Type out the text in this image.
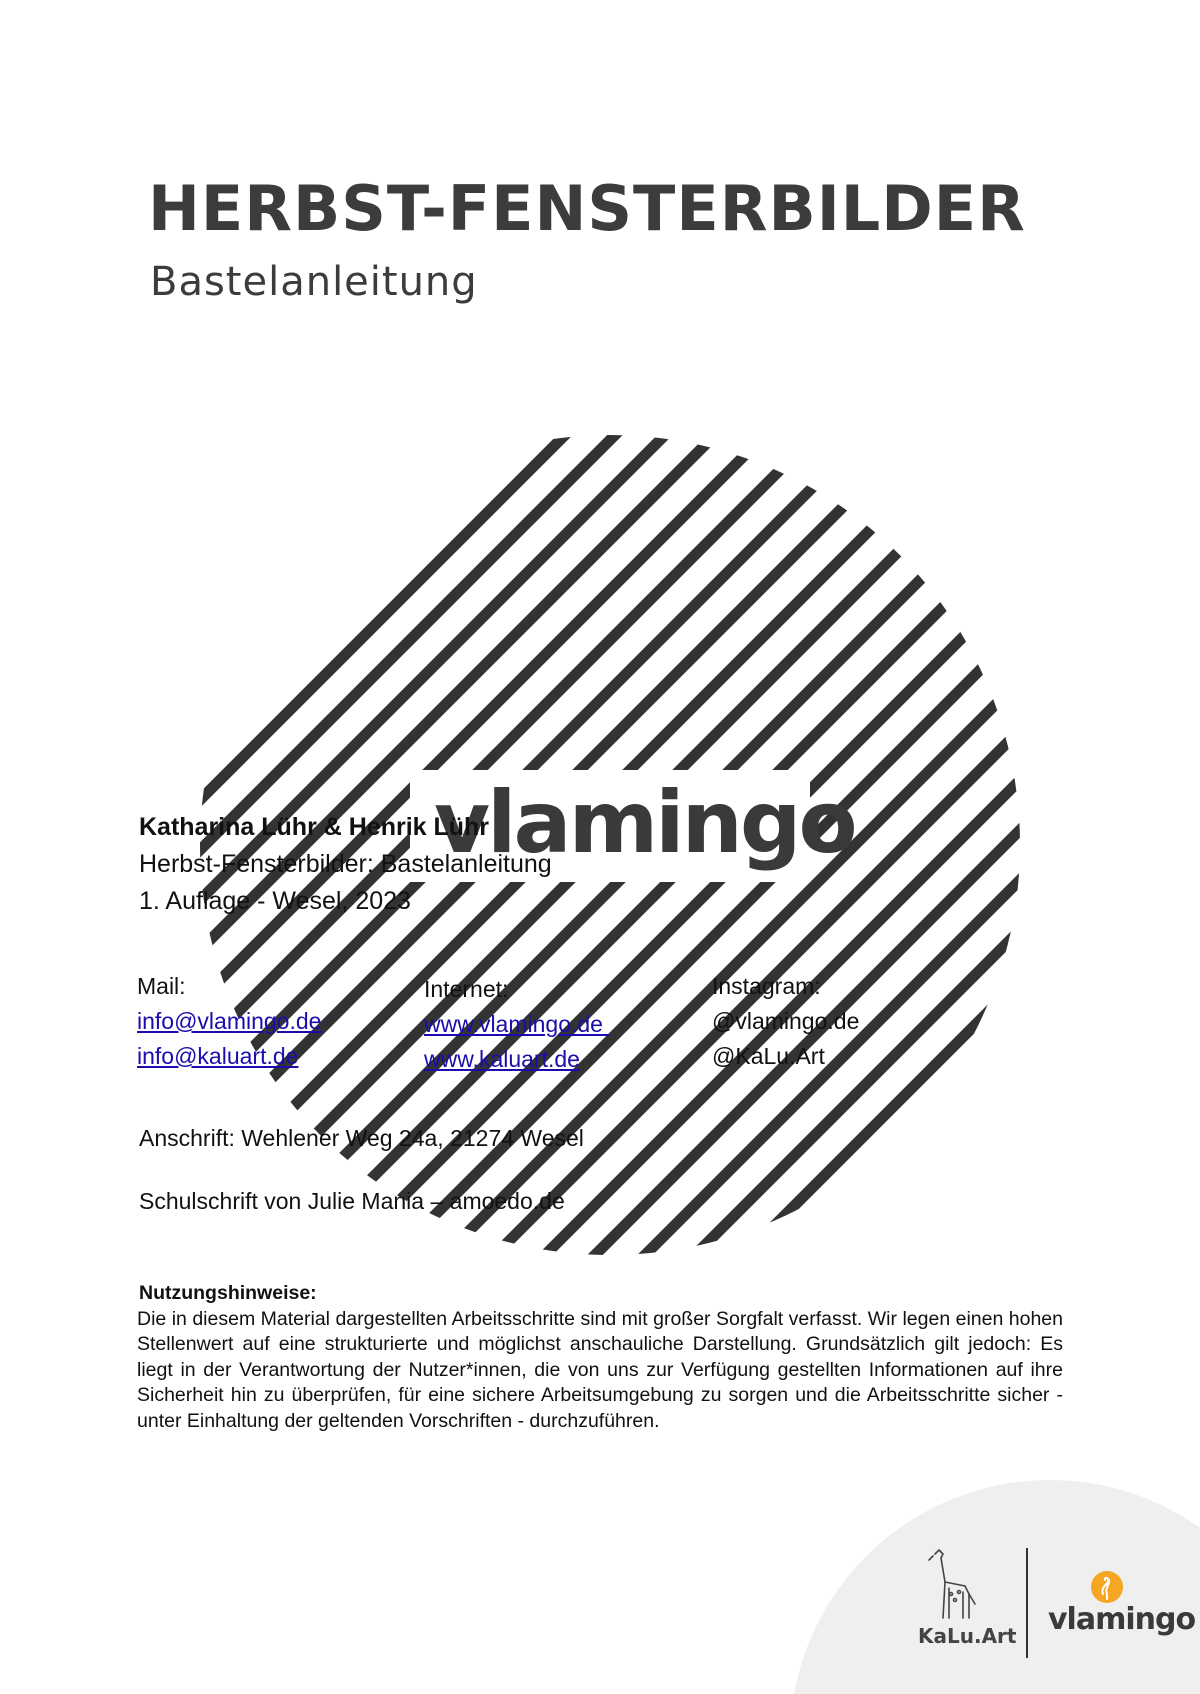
HERBST-FENSTERBILDER
Bastelanleitung
vlamingo
Katharina Lühr & Henrik Lühr
Herbst-Fensterbilder: Bastelanleitung
1. Auflage - Wesel, 2023
Mail:
info@vlamingo.de
info@kaluart.de
Internet:
www.vlamingo.de
www.kaluart.de
Instagram:
@vlamingo.de
@KaLu.Art
Anschrift: Wehlener Weg 24a, 21274 Wesel
Schulschrift von Julie Mania – amoedo.de
Nutzungshinweise:
Die in diesem Material dargestellten Arbeitsschritte sind mit großer Sorgfalt verfasst. Wir legen einen hohen Stellenwert auf eine strukturierte und möglichst anschauliche Darstellung. Grundsätzlich gilt jedoch: Es liegt in der Verantwortung der Nutzer*innen, die von uns zur Verfügung gestellten Informationen auf ihre Sicherheit hin zu überprüfen, für eine sichere Arbeitsumgebung zu sorgen und die Arbeitsschritte sicher - unter Einhaltung der geltenden Vorschriften - durchzuführen.
KaLu.Art vlamingo
